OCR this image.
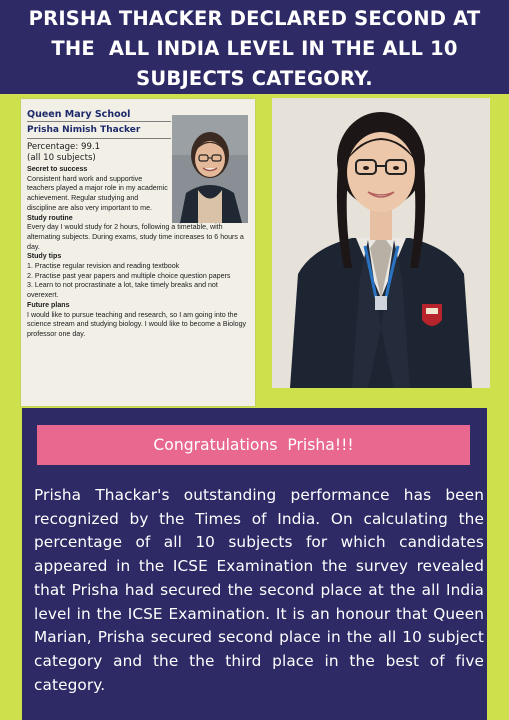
PRISHA THACKER DECLARED SECOND AT
THE  ALL INDIA LEVEL IN THE ALL 10
SUBJECTS CATEGORY.
Queen Mary School
Prisha Nimish Thacker
Percentage: 99.1
(all 10 subjects)
Secret to success
Consistent hard work and supportive teachers played a major role in my academic achievement. Regular studying and discipline are also very important to me.
Study routine
Every day I would study for 2 hours, following a timetable, with alternating subjects. During exams, study time increases to 6 hours a day.
Study tips
1. Practise regular revision and reading textbook
2. Practise past year papers and multiple choice question papers
3. Learn to not procrastinate a lot, take timely breaks and not overexert.
Future plans
I would like to pursue teaching and research, so I am going into the science stream and studying biology. I would like to become a Biology professor one day.
Congratulations  Prisha!!!
Prisha Thackar's outstanding performance has been recognized by the Times of India. On calculating the percentage of all 10 subjects for which candidates appeared in the ICSE Examination the survey revealed that Prisha had secured the second place at the all India level in the ICSE Examination. It is an honour that Queen Marian, Prisha secured second place in the all 10 subject category and the the third place in the best of five category.
